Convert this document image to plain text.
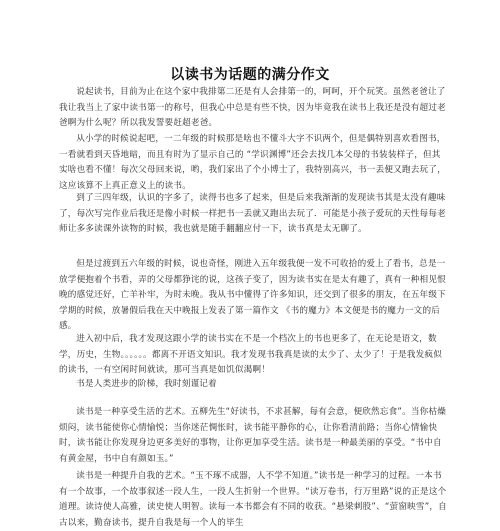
以读书为话题的满分作文

说起读书，目前为止在这个家中我排第二还是有人会排第一的，呵呵，开个玩笑。虽然老爸让了我让我当上了家中读书第一的称号，但我心中总是有些不快，因为毕竟我在读书上我还是没有超过老爸啊为什么呢？所以我发誓要赶超老爸。

从小学的时候说起吧，一二年级的时候那是啥也不懂斗大字不识两个，但是偶特别喜欢看图书，一看就看到天昏地暗，而且有时为了显示自己的 “学识渊博”还会去找几本父母的书装装样子，但其实啥也看不懂！每次父母回来说，哟，我们家出了个小博士了，我特别高兴，书一丢便又跑去玩了，这应该算不上真正意义上的读书。

到了三四年级，认识的字多了，读得书也多了起来，但是后来我渐渐的发现读书其是太没有趣味了，每次写完作业后我还是像小时候一样把书一丢就又跑出去玩了．可能是小孩子爱玩的天性每每老师让多多读课外读物的时候，我也就是随手翻翻应付一下，读书真是太无聊了。

但是过渡到五六年级的时候，说也奇怪，刚进入五年级我便一发不可收拾的爱上了看书，总是一放学便抱着个书看，弄的父母都狰诧的说，这孩子变了，因为读书实在是太有趣了，真有一种相见恨晚的感觉还好，亡羊补牢，为时未晚。我从书中懂得了许多知识，还交到了很多的朋友，在五年级下学期的时候，放暑假后我在天中晚报上发表了第一篇作文 《书的魔力》本文便是书的魔力一文的后感。

进入初中后，我才发现这跟小学的读书实在不是一个档次上的书也更多了，在无论是语文，数学，历史，生物。。。。。。都离不开语文知识。我才发现书我真是读的太少了、太少了！于是我发疯似的读书，一有空闲时间就读，那可当真是如饥似渴啊！

书是人类进步的阶梯，我时刻谨记着

读书是一种享受生活的艺术。五柳先生“好读书，不求甚解，每有会意，便欣然忘食”。当你枯燥烦闷，读书能使你心情愉悦；当你迷茫惆怅时，读书能平静你的心，让你看清前路；当你心情愉快时，读书能让你发现身边更多美好的事物，让你更加享受生活。读书是一种最美丽的享受。“书中自有黄金屋，书中自有颜如玉。”

读书是一种提升自我的艺术。“玉不琢不成器，人不学不知道。”读书是一种学习的过程。一本书有一个故事，一个故事叙述一段人生，一段人生折射一个世界。“读万卷书，行万里路”说的正是这个道理。读诗使人高雅，读史使人明智。读每一本书都会有不同的收获。“悬梁刺股”、“萤窗映雪”，自古以来，勤奋读书，提升自我是每一个人的毕生
